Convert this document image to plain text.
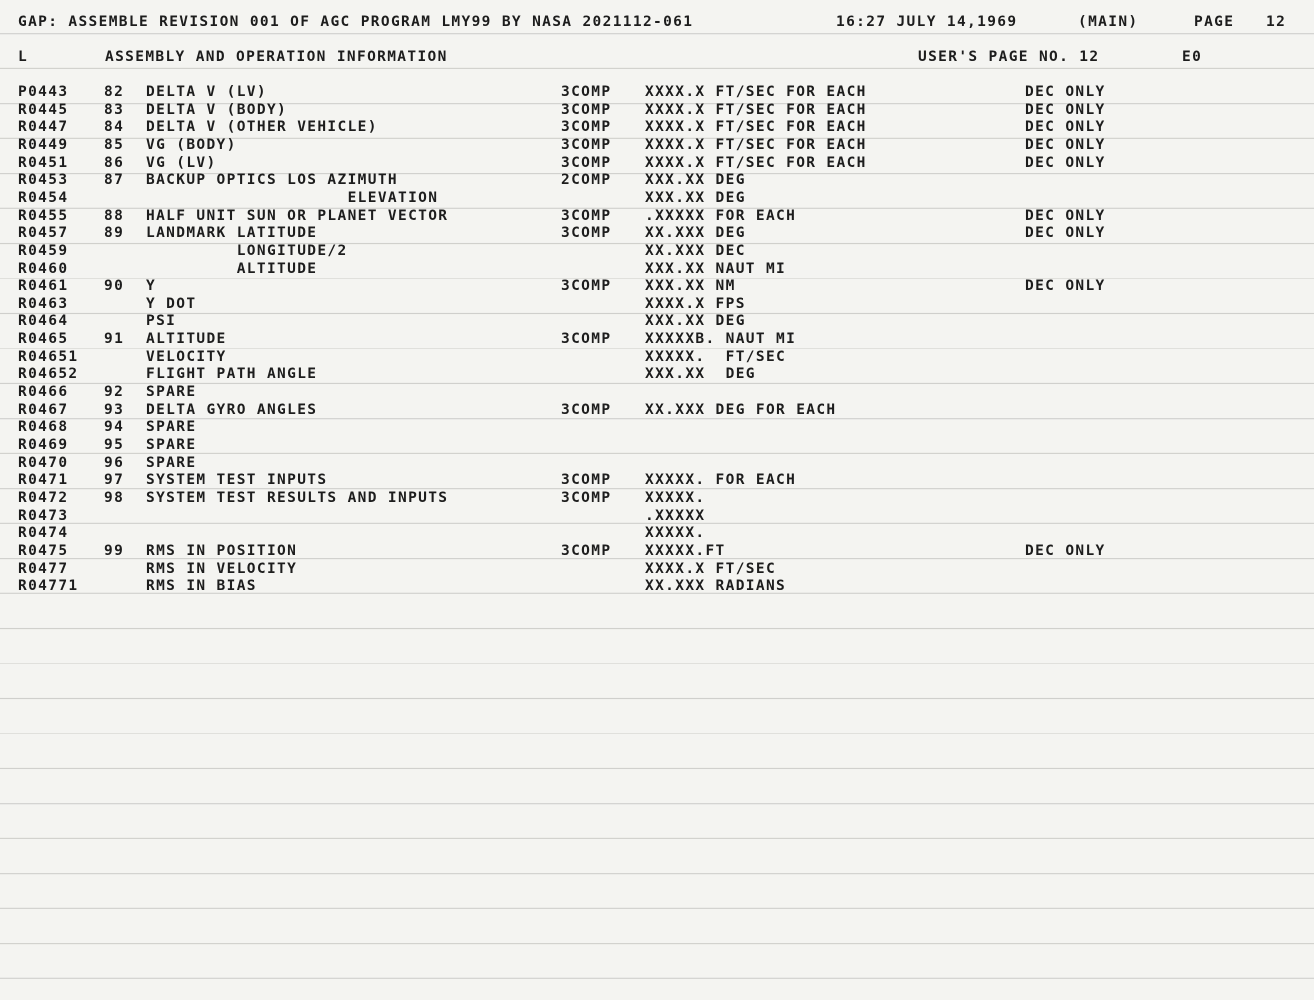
GAP: ASSEMBLE REVISION 001 OF AGC PROGRAM LMY99 BY NASA 2021112-061	16:27 JULY 14,1969	(MAIN)	PAGE 12
L	ASSEMBLY AND OPERATION INFORMATION	USER'S PAGE NO. 12	E0
P0443 82 DELTA V (LV)	3COMP XXXX.X FT/SEC FOR EACH	DEC ONLY
R0445 83 DELTA V (BODY)	3COMP XXXX.X FT/SEC FOR EACH	DEC ONLY
R0447 84 DELTA V (OTHER VEHICLE)	3COMP XXXX.X FT/SEC FOR EACH	DEC ONLY
R0449 85 VG (BODY)	3COMP XXXX.X FT/SEC FOR EACH	DEC ONLY
R0451 86 VG (LV)	3COMP XXXX.X FT/SEC FOR EACH	DEC ONLY
R0453 87 BACKUP OPTICS LOS AZIMUTH	2COMP XXX.XX DEG
R0454	ELEVATION	XXX.XX DEG
R0455 88 HALF UNIT SUN OR PLANET VECTOR	3COMP .XXXXX FOR EACH	DEC ONLY
R0457 89 LANDMARK LATITUDE	3COMP XX.XXX DEG	DEC ONLY
R0459	LONGITUDE/2	XX.XXX DEC
R0460	ALTITUDE	XXX.XX NAUT MI
R0461 90 Y	3COMP XXX.XX NM	DEC ONLY
R0463	Y DOT	XXXX.X FPS
R0464	PSI	XXX.XX DEG
R0465 91 ALTITUDE	3COMP XXXXXB. NAUT MI
R04651	VELOCITY	XXXXX.  FT/SEC
R04652	FLIGHT PATH ANGLE	XXX.XX  DEG
R0466 92 SPARE
R0467 93 DELTA GYRO ANGLES	3COMP XX.XXX DEG FOR EACH
R0468 94 SPARE
R0469 95 SPARE
R0470 96 SPARE
R0471 97 SYSTEM TEST INPUTS	3COMP XXXXX. FOR EACH
R0472 98 SYSTEM TEST RESULTS AND INPUTS	3COMP XXXXX.
R0473	.XXXXX
R0474	XXXXX.
R0475 99 RMS IN POSITION	3COMP XXXXX.FT	DEC ONLY
R0477	RMS IN VELOCITY	XXXX.X FT/SEC
R04771	RMS IN BIAS	XX.XXX RADIANS
